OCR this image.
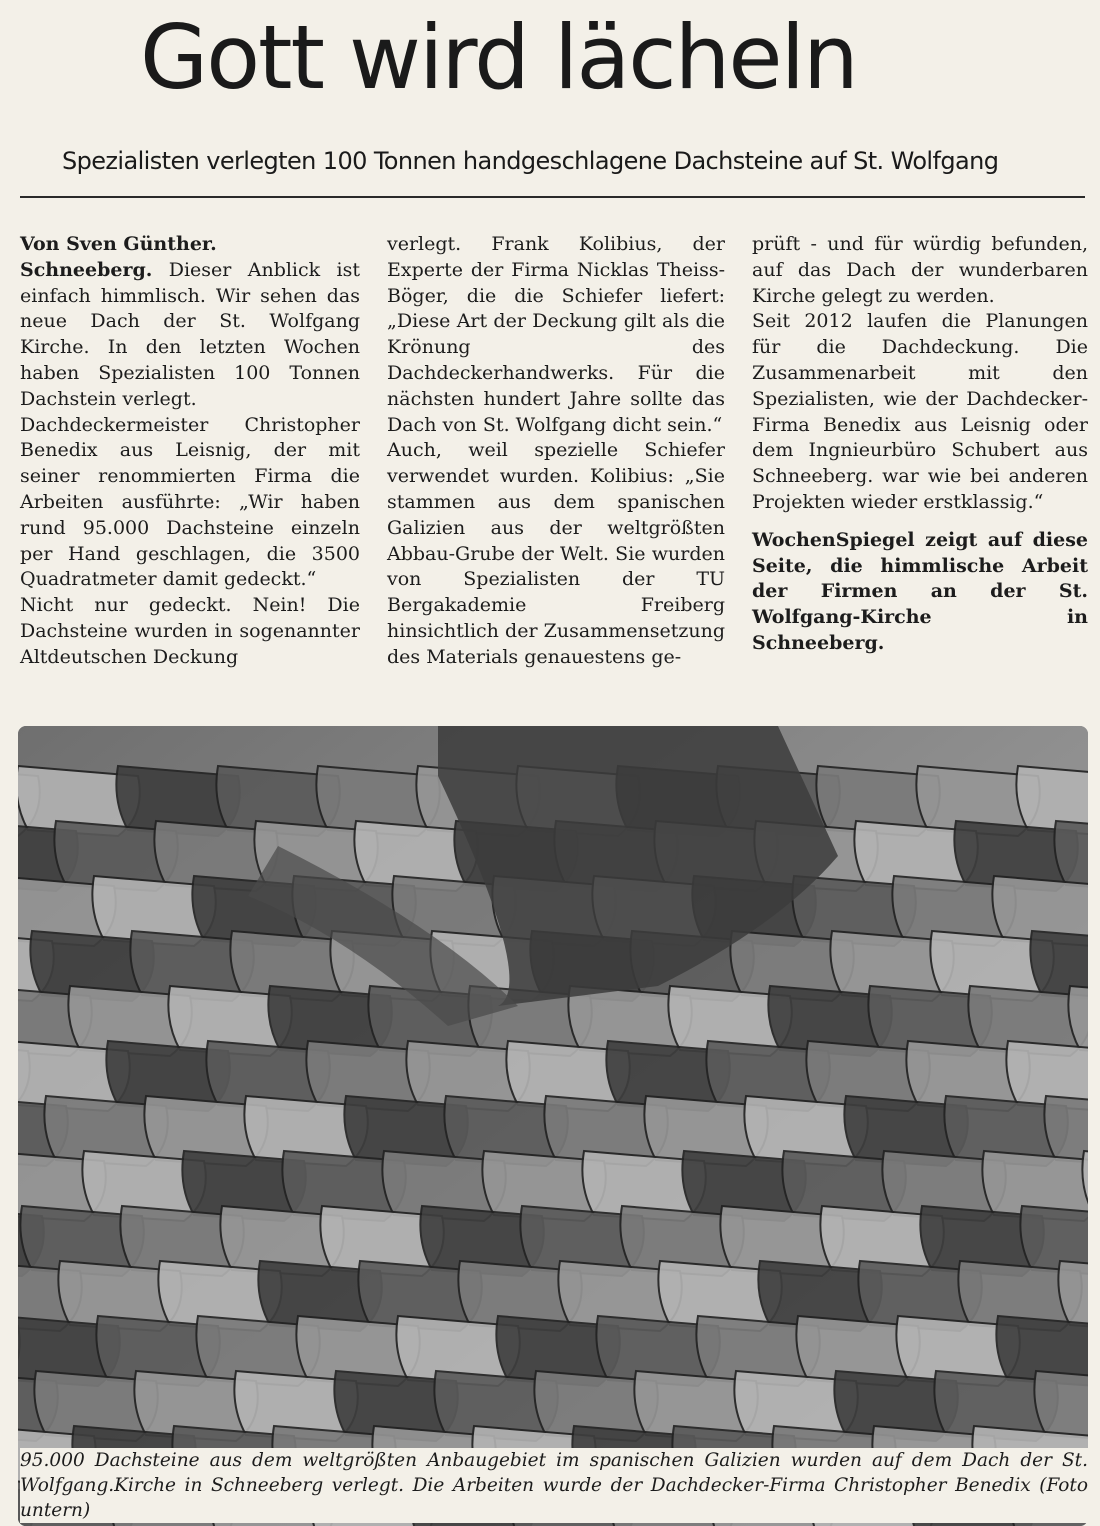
Gott wird lächeln
Spezialisten verlegten 100 Tonnen handgeschlagene Dachsteine auf St. Wolfgang

Von Sven Günther.

Schneeberg. Dieser Anblick ist einfach himmlisch. Wir sehen das neue Dach der St. Wolfgang Kirche. In den letzten Wochen haben Spezialisten 100 Tonnen Dachstein verlegt.

Dachdeckermeister Christopher Benedix aus Leisnig, der mit seiner renommierten Firma die Arbeiten ausführte: „Wir haben rund 95.000 Dachsteine einzeln per Hand geschlagen, die 3500 Quadratmeter damit gedeckt.“

Nicht nur gedeckt. Nein! Die Dachsteine wurden in sogenannter Altdeutschen Deckung

verlegt. Frank Kolibius, der Experte der Firma Nicklas Theiss-Böger, die die Schiefer liefert: „Diese Art der Deckung gilt als die Krönung des Dachdeckerhandwerks. Für die nächsten hundert Jahre sollte das Dach von St. Wolfgang dicht sein.“

Auch, weil spezielle Schiefer verwendet wurden. Kolibius: „Sie stammen aus dem spanischen Galizien aus der weltgrößten Abbau-Grube der Welt. Sie wurden von Spezialisten der TU Bergakademie Freiberg hinsichtlich der Zusammensetzung des Materials genauestens ge-

prüft - und für würdig befunden, auf das Dach der wunderbaren Kirche gelegt zu werden.

Seit 2012 laufen die Planungen für die Dachdeckung. Die Zusammenarbeit mit den Spezialisten, wie der Dachdecker-Firma Benedix aus Leisnig oder dem Ingnieurbüro Schubert aus Schneeberg. war wie bei anderen Projekten wieder erstklassig.“

WochenSpiegel zeigt auf diese Seite, die himmlische Arbeit der Firmen an der St. Wolfgang-Kirche in Schneeberg.

95.000 Dachsteine aus dem weltgrößten Anbaugebiet im spanischen Galizien wurden auf dem Dach der St. Wolfgang.Kirche in Schneeberg verlegt. Die Arbeiten wurde der Dachdecker-Firma Christopher Benedix (Foto untern)
